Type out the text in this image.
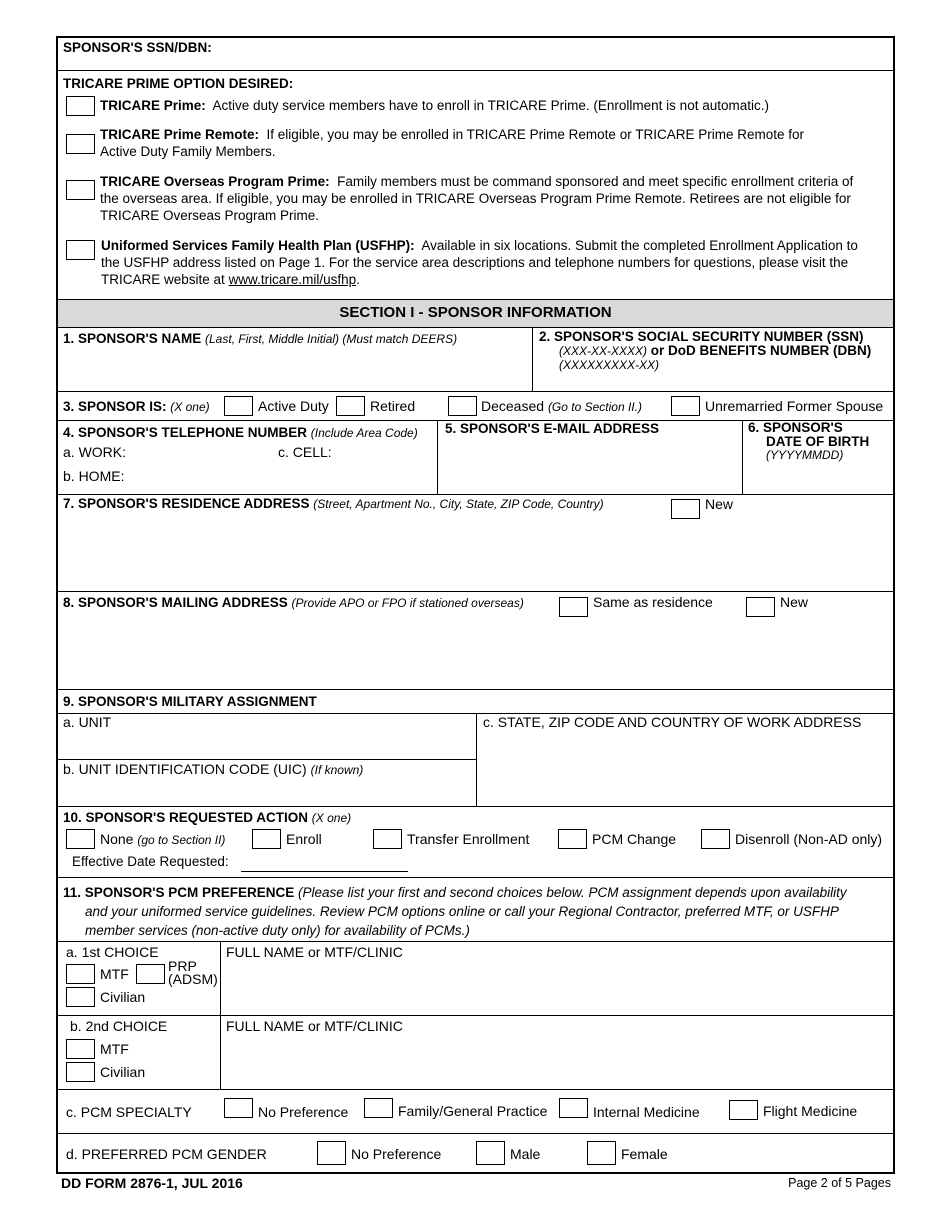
SPONSOR'S SSN/DBN:
TRICARE PRIME OPTION DESIRED:
TRICARE Prime: Active duty service members have to enroll in TRICARE Prime. (Enrollment is not automatic.)
TRICARE Prime Remote: If eligible, you may be enrolled in TRICARE Prime Remote or TRICARE Prime Remote for
Active Duty Family Members.
TRICARE Overseas Program Prime: Family members must be command sponsored and meet specific enrollment criteria of
the overseas area. If eligible, you may be enrolled in TRICARE Overseas Program Prime Remote. Retirees are not eligible for
TRICARE Overseas Program Prime.
Uniformed Services Family Health Plan (USFHP): Available in six locations. Submit the completed Enrollment Application to
the USFHP address listed on Page 1. For the service area descriptions and telephone numbers for questions, please visit the
TRICARE website at www.tricare.mil/usfhp.
SECTION I - SPONSOR INFORMATION
1. SPONSOR'S NAME (Last, First, Middle Initial) (Must match DEERS)	2. SPONSOR'S SOCIAL SECURITY NUMBER (SSN)
(XXX-XX-XXXX) or DoD BENEFITS NUMBER (DBN)
(XXXXXXXXX-XX)
3. SPONSOR IS: (X one)	Active Duty	Retired	Deceased (Go to Section II.)	Unremarried Former Spouse
4. SPONSOR'S TELEPHONE NUMBER (Include Area Code)
a. WORK:	c. CELL:
b. HOME:
5. SPONSOR'S E-MAIL ADDRESS	6. SPONSOR'S
DATE OF BIRTH
(YYYYMMDD)
7. SPONSOR'S RESIDENCE ADDRESS (Street, Apartment No., City, State, ZIP Code, Country)	New
8. SPONSOR'S MAILING ADDRESS (Provide APO or FPO if stationed overseas)	Same as residence	New
9. SPONSOR'S MILITARY ASSIGNMENT
a. UNIT	c. STATE, ZIP CODE AND COUNTRY OF WORK ADDRESS
b. UNIT IDENTIFICATION CODE (UIC) (If known)
10. SPONSOR'S REQUESTED ACTION (X one)
None (go to Section II)	Enroll	Transfer Enrollment	PCM Change	Disenroll (Non-AD only)
Effective Date Requested:
11. SPONSOR'S PCM PREFERENCE (Please list your first and second choices below. PCM assignment depends upon availability
and your uniformed service guidelines. Review PCM options online or call your Regional Contractor, preferred MTF, or USFHP
member services (non-active duty only) for availability of PCMs.)
a. 1st CHOICE
MTF	PRP
(ADSM)
Civilian
FULL NAME or MTF/CLINIC
b. 2nd CHOICE
MTF
Civilian
FULL NAME or MTF/CLINIC
c. PCM SPECIALTY	No Preference	Family/General Practice	Internal Medicine	Flight Medicine
d. PREFERRED PCM GENDER	No Preference	Male	Female
DD FORM 2876-1, JUL 2016	Page 2 of 5 Pages
